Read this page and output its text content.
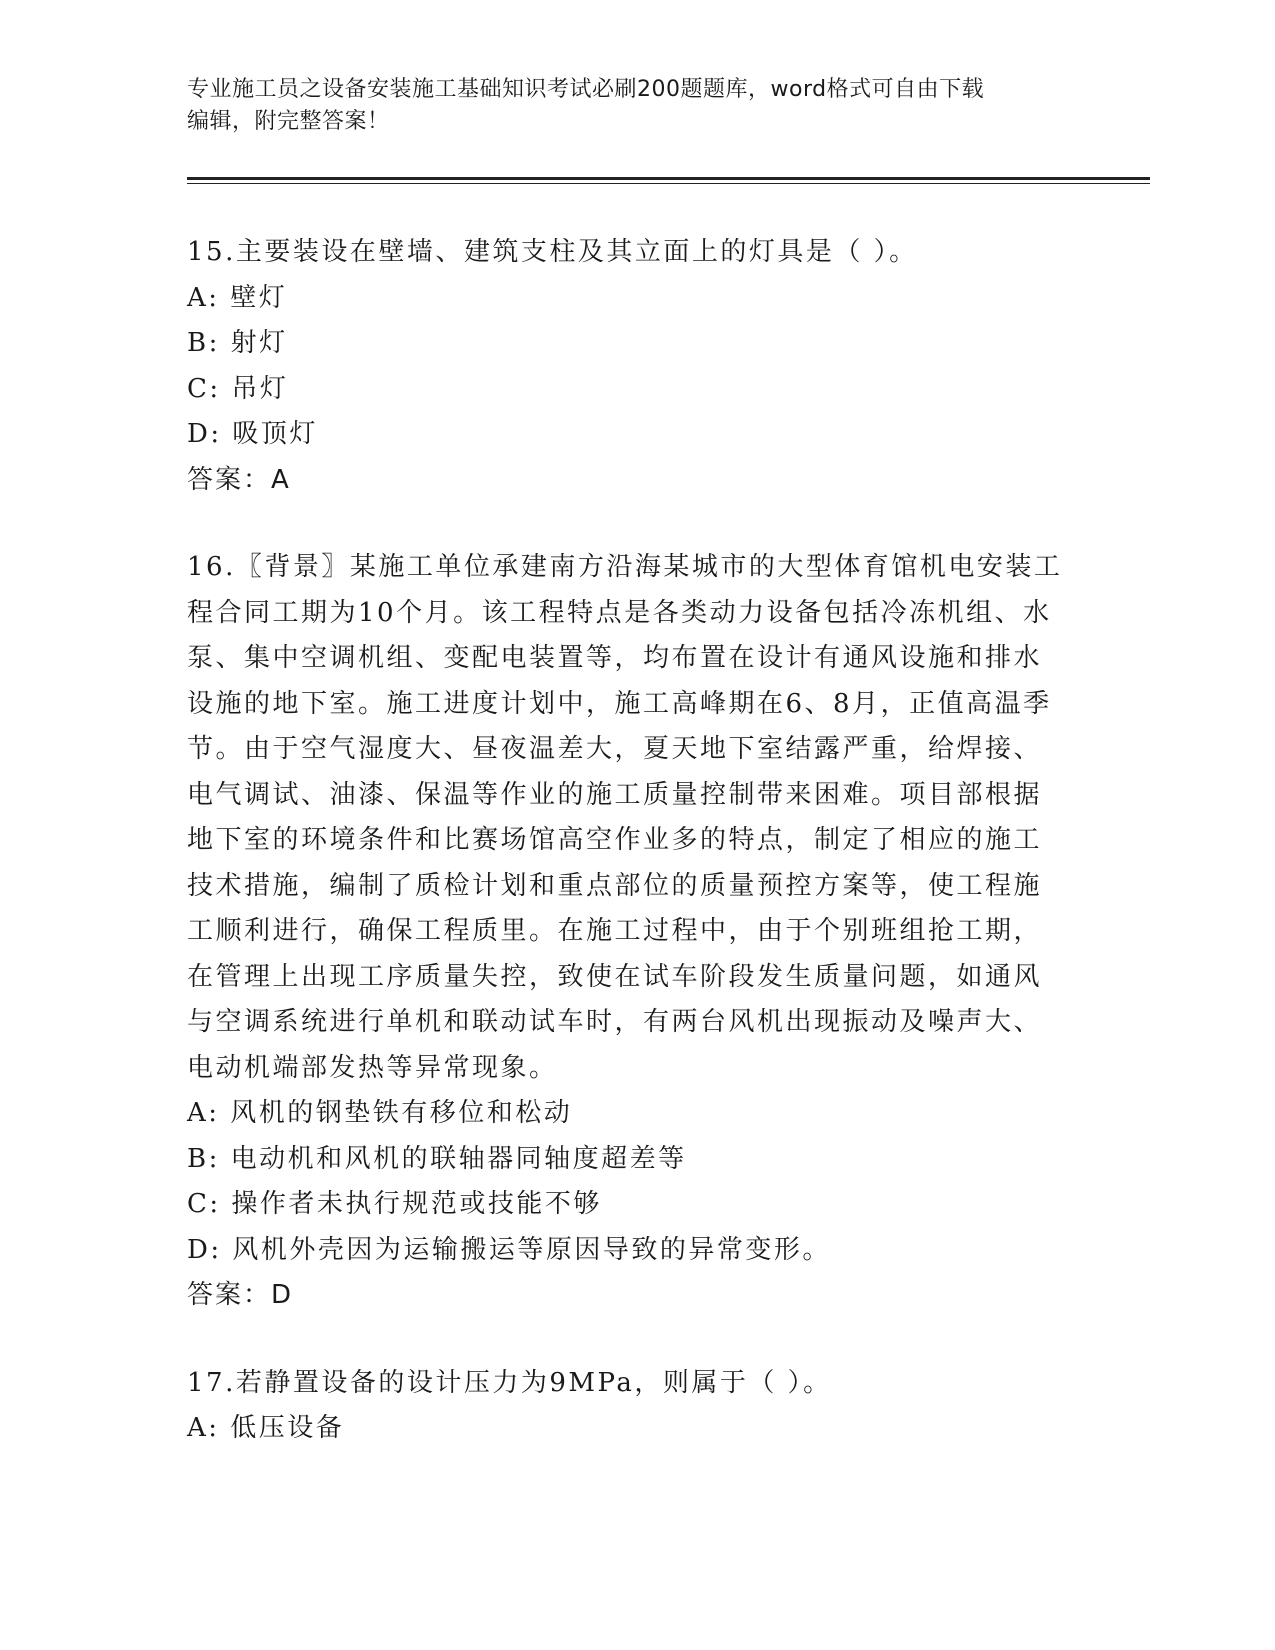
专业施工员之设备安装施工基础知识考试必刷200题题库，word格式可自由下载
编辑，附完整答案！
15.主要装设在壁墙、建筑支柱及其立面上的灯具是（ ）。
A: 壁灯
B: 射灯
C: 吊灯
D: 吸顶灯
答案：A
16.〖背景〗某施工单位承建南方沿海某城市的大型体育馆机电安装工
程合同工期为10个月。该工程特点是各类动力设备包括冷冻机组、水
泵、集中空调机组、变配电装置等，均布置在设计有通风设施和排水
设施的地下室。施工进度计划中，施工高峰期在6、8月，正值高温季
节。由于空气湿度大、昼夜温差大，夏天地下室结露严重，给焊接、
电气调试、油漆、保温等作业的施工质量控制带来困难。项目部根据
地下室的环境条件和比赛场馆高空作业多的特点，制定了相应的施工
技术措施，编制了质检计划和重点部位的质量预控方案等，使工程施
工顺利进行，确保工程质里。在施工过程中，由于个别班组抢工期，
在管理上出现工序质量失控，致使在试车阶段发生质量问题，如通风
与空调系统进行单机和联动试车时，有两台风机出现振动及噪声大、
电动机端部发热等异常现象。
A: 风机的钢垫铁有移位和松动
B: 电动机和风机的联轴器同轴度超差等
C: 操作者未执行规范或技能不够
D: 风机外壳因为运输搬运等原因导致的异常变形。
答案：D
17.若静置设备的设计压力为9MPa，则属于（ ）。
A: 低压设备
